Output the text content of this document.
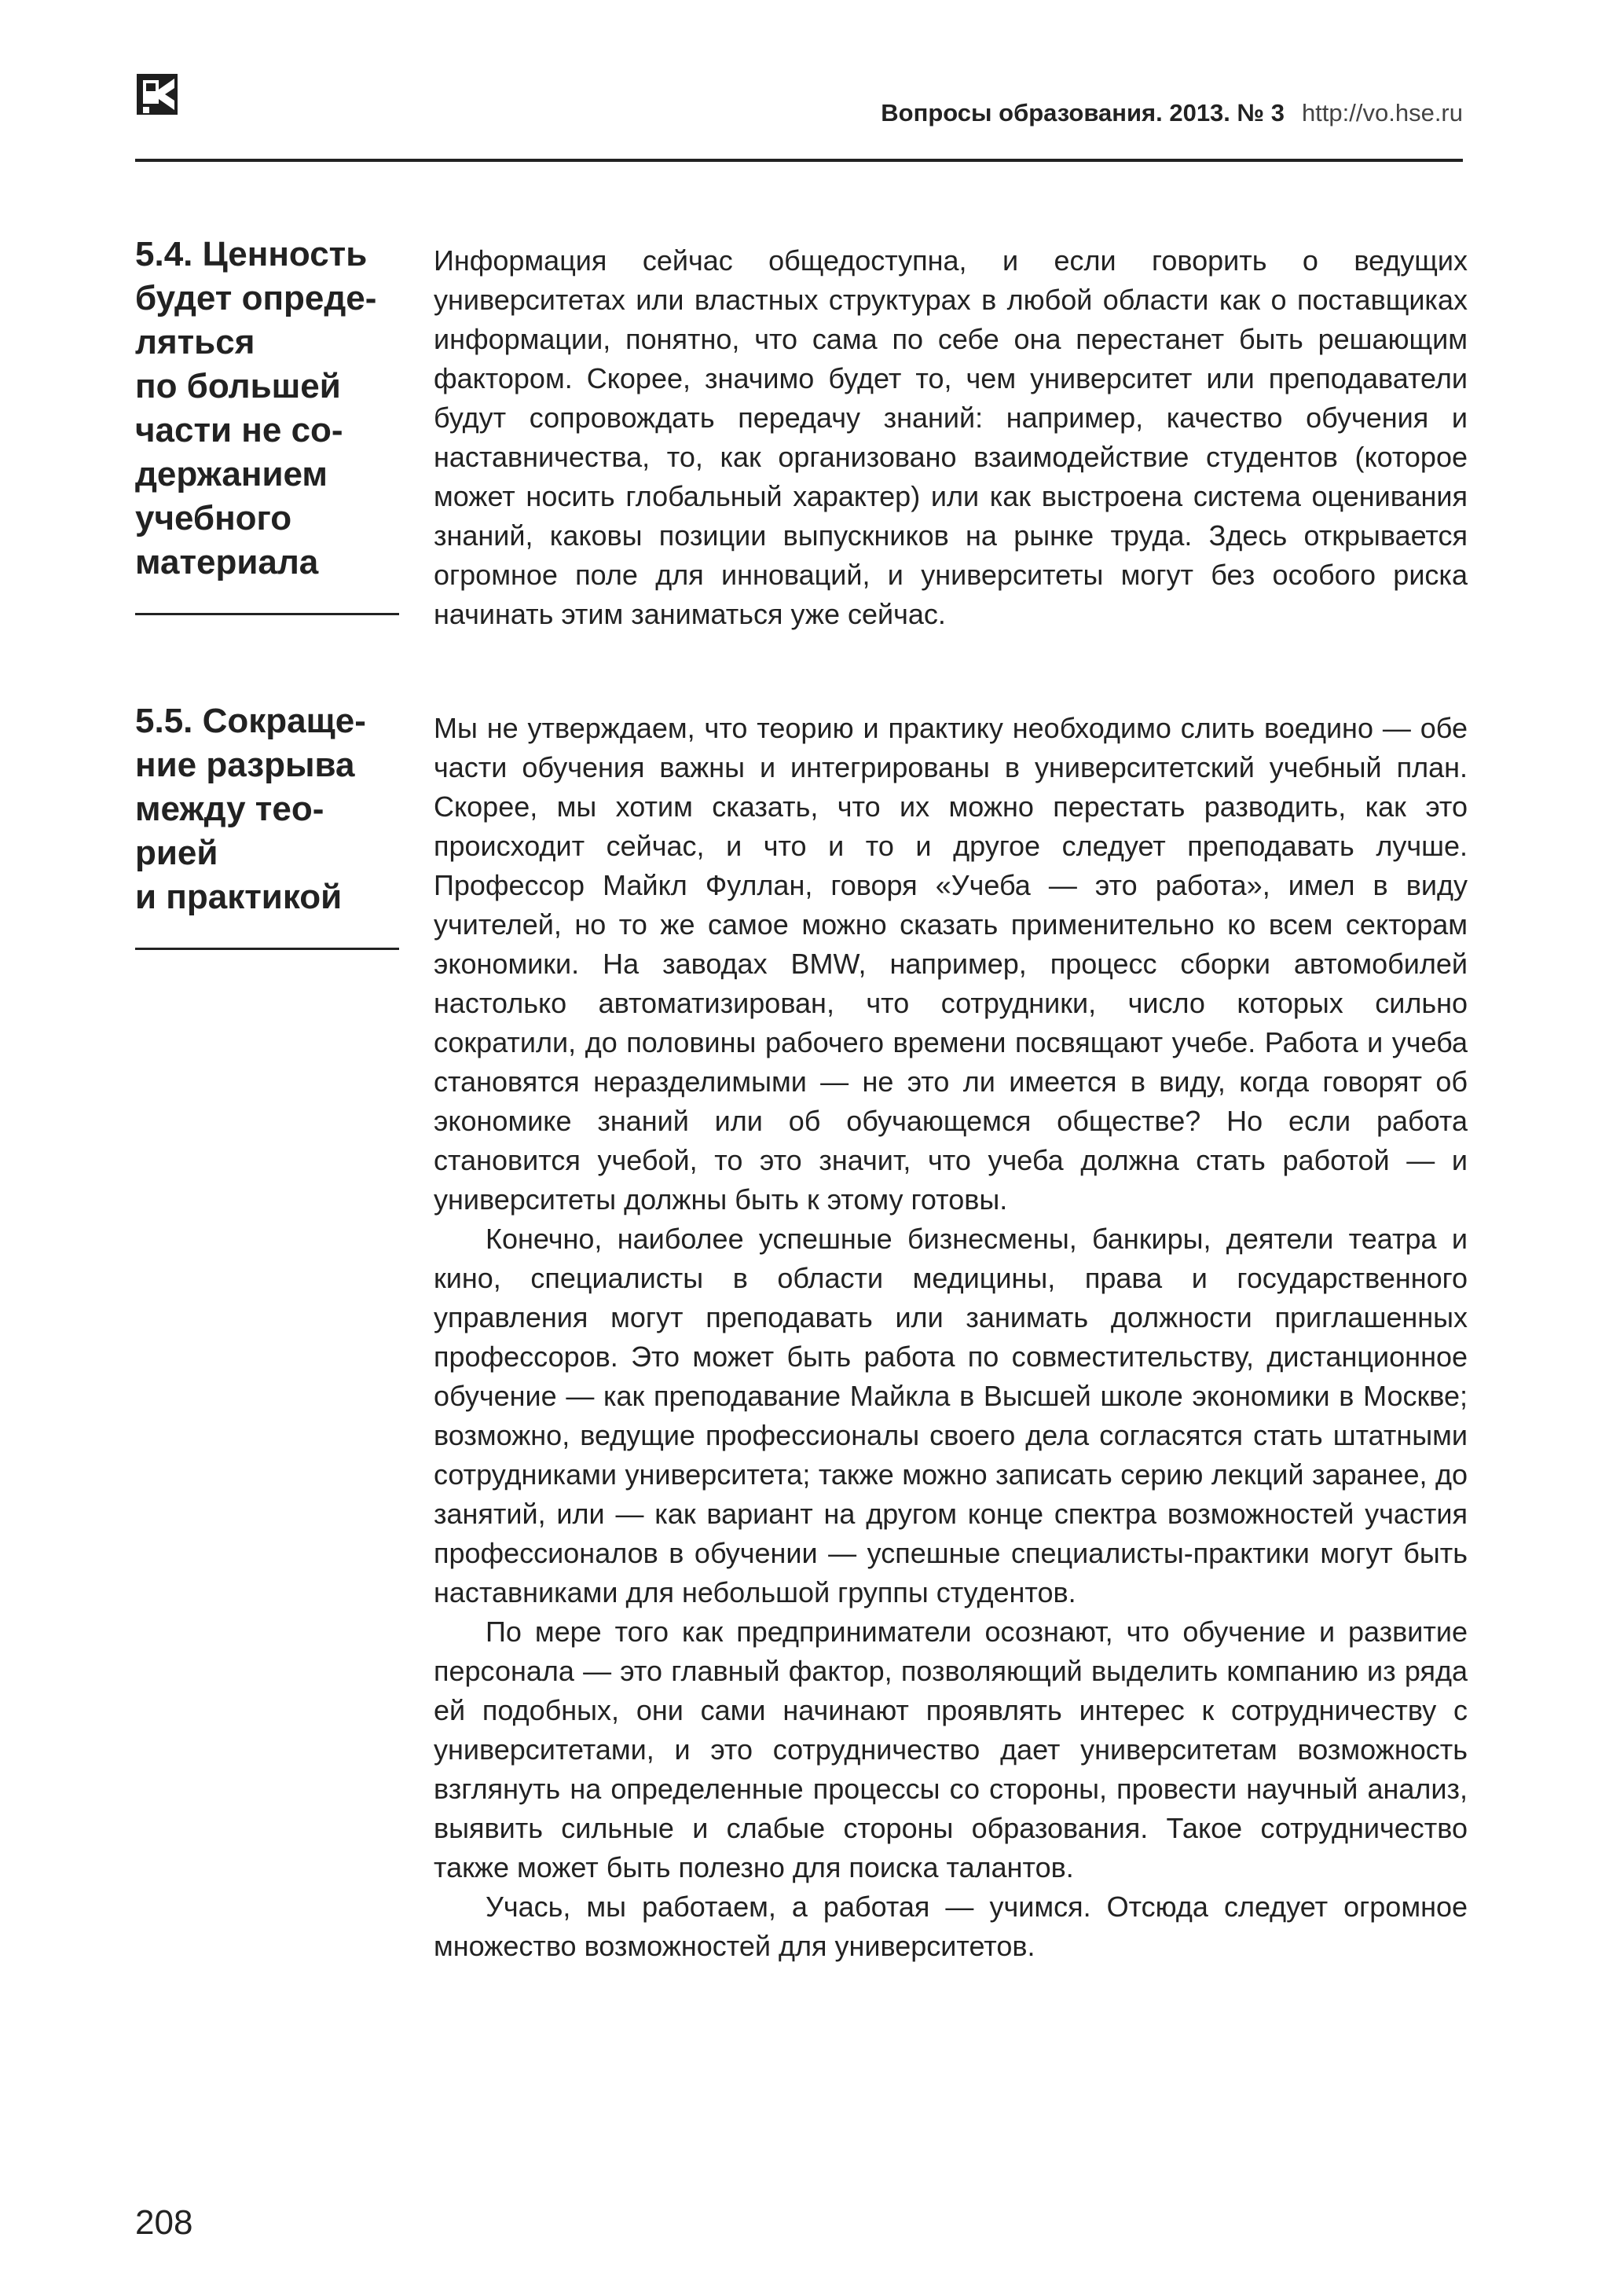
Вопросы образования. 2013. № 3 http://vo.hse.ru
5.4. Ценность
будет опреде-
ляться
по большей
части не со-
держанием
учебного
материала

Информация сейчас общедоступна, и если говорить о ведущих университетах или властных структурах в любой области как о поставщиках информации, понятно, что сама по себе она перестанет быть решающим фактором. Скорее, значимо будет то, чем университет или преподаватели будут сопровождать передачу знаний: например, качество обучения и наставничества, то, как организовано взаимодействие студентов (которое может носить глобальный характер) или как выстроена система оценивания знаний, каковы позиции выпускников на рынке труда. Здесь открывается огромное поле для инноваций, и университеты могут без особого риска начинать этим заниматься уже сейчас.

5.5. Сокраще-
ние разрыва
между тео-
рией
и практикой

Мы не утверждаем, что теорию и практику необходимо слить воедино — обе части обучения важны и интегрированы в университетский учебный план. Скорее, мы хотим сказать, что их можно перестать разводить, как это происходит сейчас, и что и то и другое следует преподавать лучше. Профессор Майкл Фуллан, говоря «Учеба — это работа», имел в виду учителей, но то же самое можно сказать применительно ко всем секторам экономики. На заводах BMW, например, процесс сборки автомобилей настолько автоматизирован, что сотрудники, число которых сильно сократили, до половины рабочего времени посвящают учебе. Работа и учеба становятся неразделимыми — не это ли имеется в виду, когда говорят об экономике знаний или об обучающемся обществе? Но если работа становится учебой, то это значит, что учеба должна стать работой — и университеты должны быть к этому готовы.

Конечно, наиболее успешные бизнесмены, банкиры, деятели театра и кино, специалисты в области медицины, права и государственного управления могут преподавать или занимать должности приглашенных профессоров. Это может быть работа по совместительству, дистанционное обучение — как преподавание Майкла в Высшей школе экономики в Москве; возможно, ведущие профессионалы своего дела согласятся стать штатными сотрудниками университета; также можно записать серию лекций заранее, до занятий, или — как вариант на другом конце спектра возможностей участия профессионалов в обучении — успешные специалисты-практики могут быть наставниками для небольшой группы студентов.

По мере того как предприниматели осознают, что обучение и развитие персонала — это главный фактор, позволяющий выделить компанию из ряда ей подобных, они сами начинают проявлять интерес к сотрудничеству с университетами, и это сотрудничество дает университетам возможность взглянуть на определенные процессы со стороны, провести научный анализ, выявить сильные и слабые стороны образования. Такое сотрудничество также может быть полезно для поиска талантов.

Учась, мы работаем, а работая — учимся. Отсюда следует огромное множество возможностей для университетов.

208
